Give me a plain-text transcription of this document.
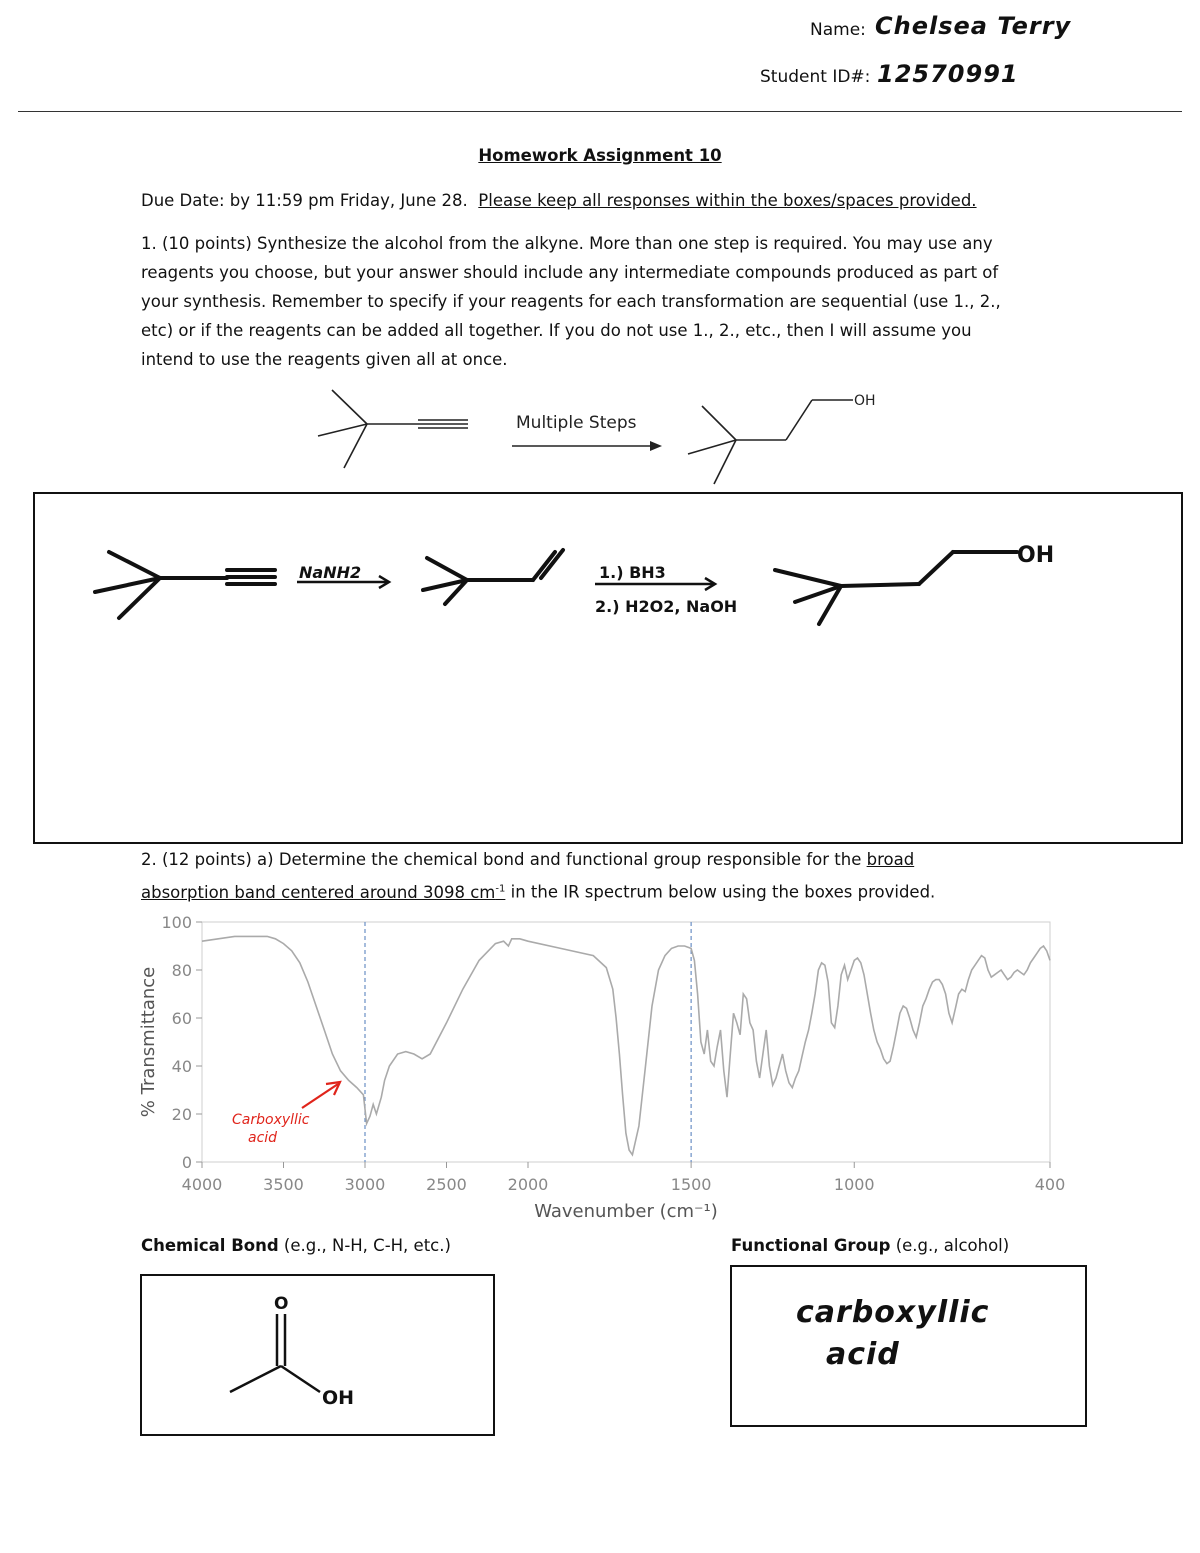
Name: Chelsea Terry
Student ID#: 12570991
Homework Assignment 10
Due Date: by 11:59 pm Friday, June 28. Please keep all responses within the boxes/spaces provided.
1. (10 points) Synthesize the alcohol from the alkyne. More than one step is required. You may use any
reagents you choose, but your answer should include any intermediate compounds produced as part of
your synthesis. Remember to specify if your reagents for each transformation are sequential (use 1., 2.,
etc) or if the reagents can be added all together. If you do not use 1., 2., etc., then I will assume you
intend to use the reagents given all at once.
Multiple Steps
OH
NaNH2	1.) BH3
2.) H2O2, NaOH
OH
2. (12 points) a) Determine the chemical bond and functional group responsible for the broad
absorption band centered around 3098 $cm^{-1}$ in the IR spectrum below using the boxes provided.
0
20
40
60
80
100
4000	3500	3000	2500	2000	1500	1000	400
Wavenumber (cm⁻¹)
% Transmittance
Carboxyllic
acid
Chemical Bond (e.g., N-H, C-H, etc.)	Functional Group (e.g., alcohol)
O
OH
carboxyllic
acid
